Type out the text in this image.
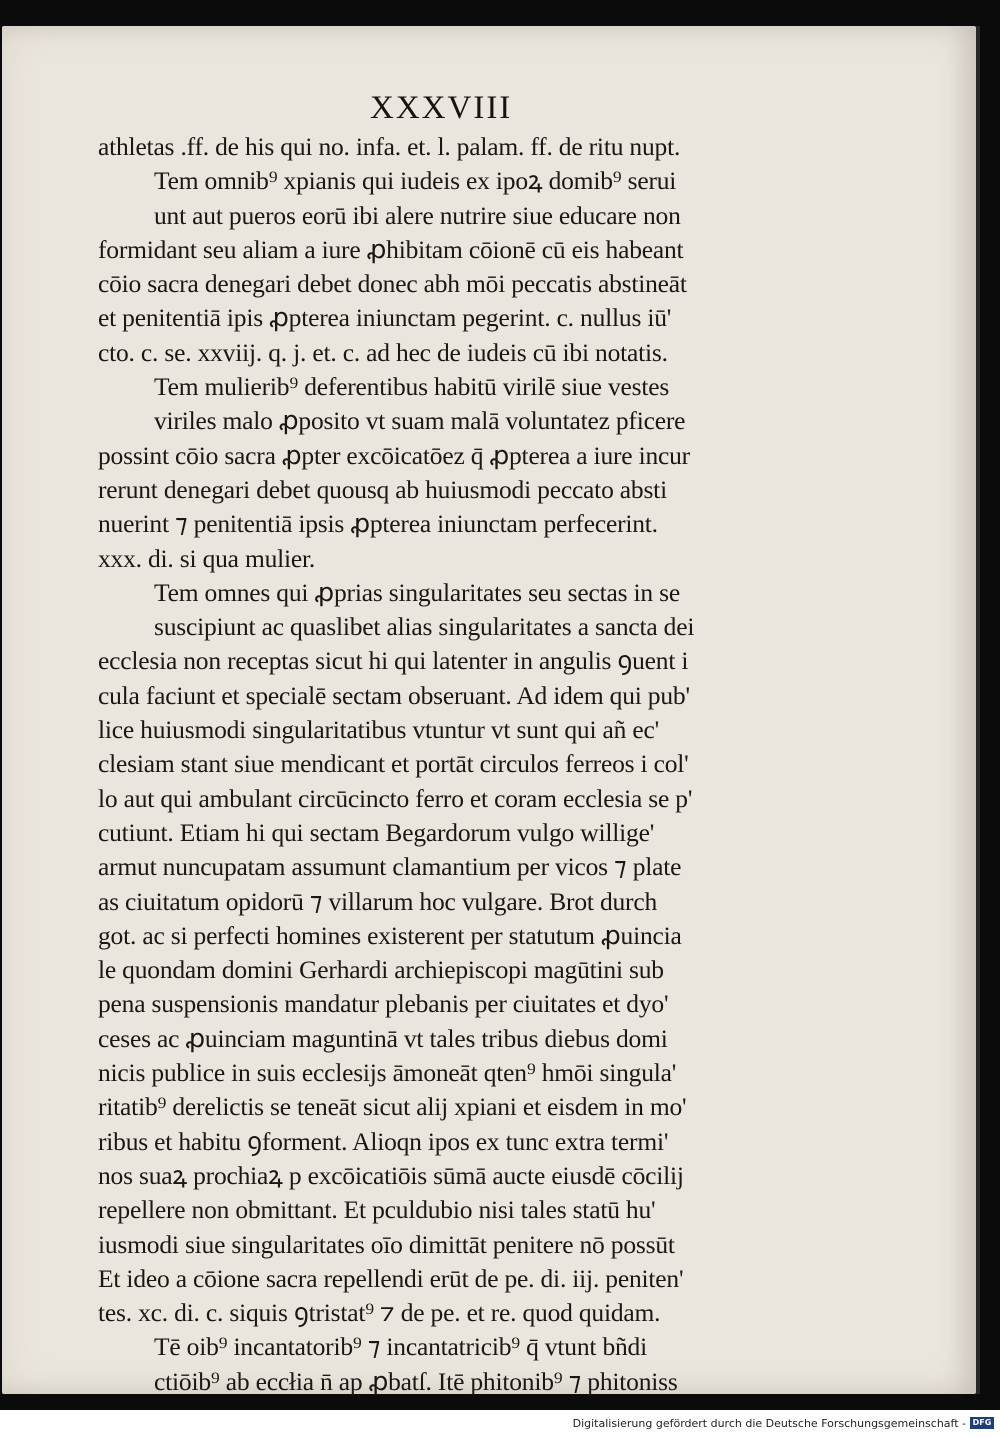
XXXVIII
athletas .ff. de his qui no. infa. et. l. palam. ff. de ritu nupt.
Tem omnib⁹ xpianis qui iudeis ex ipoꝝ domib⁹ serui
unt aut pueros eorū ibi alere nutrire siue educare non
formidant seu aliam a iure ꝓhibitam cōionē cū eis habeant
cōio sacra denegari debet donec abh mōi peccatis abstineāt
et penitentiā ipis ꝓpterea iniunctam pegerint. c. nullus iū'
cto. c. se. xxviij. q. j. et. c. ad hec de iudeis cū ibi notatis.
Tem mulierib⁹ deferentibus habitū virilē siue vestes
viriles malo ꝓposito vt suam malā voluntatez pficere
possint cōio sacra ꝓpter excōicatōez q̄ ꝓpterea a iure incur
rerunt denegari debet quousq ab huiusmodi peccato absti
nuerint ⁊ penitentiā ipsis ꝓpterea iniunctam perfecerint.
xxx. di. si qua mulier.
Tem omnes qui ꝓprias singularitates seu sectas in se
suscipiunt ac quaslibet alias singularitates a sancta dei
ecclesia non receptas sicut hi qui latenter in angulis ꝯuent i
cula faciunt et specialē sectam obseruant. Ad idem qui pub'
lice huiusmodi singularitatibus vtuntur vt sunt qui añ ec'
clesiam stant siue mendicant et portāt circulos ferreos i col'
lo aut qui ambulant circūcincto ferro et coram ecclesia se p'
cutiunt. Etiam hi qui sectam Begardorum vulgo willige'
armut nuncupatam assumunt clamantium per vicos ⁊ plate
as ciuitatum opidorū ⁊ villarum hoc vulgare. Brot durch
got. ac si perfecti homines existerent per statutum ꝓuincia
le quondam domini Gerhardi archiepiscopi magūtini sub
pena suspensionis mandatur plebanis per ciuitates et dyo'
ceses ac ꝓuinciam maguntinā vt tales tribus diebus domi
nicis publice in suis ecclesijs āmoneāt qten⁹ hmōi singula'
ritatib⁹ derelictis se teneāt sicut alij xpiani et eisdem in mo'
ribus et habitu ꝯforment. Alioqn ipos ex tunc extra termi'
nos suaꝝ prochiaꝝ p excōicatiōis sūmā aucte eiusdē cōcilij
repellere non obmittant. Et pculdubio nisi tales statū hu'
iusmodi siue singularitates oīo dimittāt penitere nō possūt
Et ideo a cōione sacra repellendi erūt de pe. di. iij. peniten'
tes. xc. di. c. siquis ꝯtristat⁹ ⁊ de pe. et re. quod quidam.
Tē oib⁹ incantatorib⁹ ⁊ incantatricib⁹ q̄ vtunt bñdi
ctiōib⁹ ab eccłia n̄ ap ꝓbatſ. Itē phitonib⁹ ⁊ phitoniss
Digitalisierung gefördert durch die Deutsche Forschungsgemeinschaft - DFG
